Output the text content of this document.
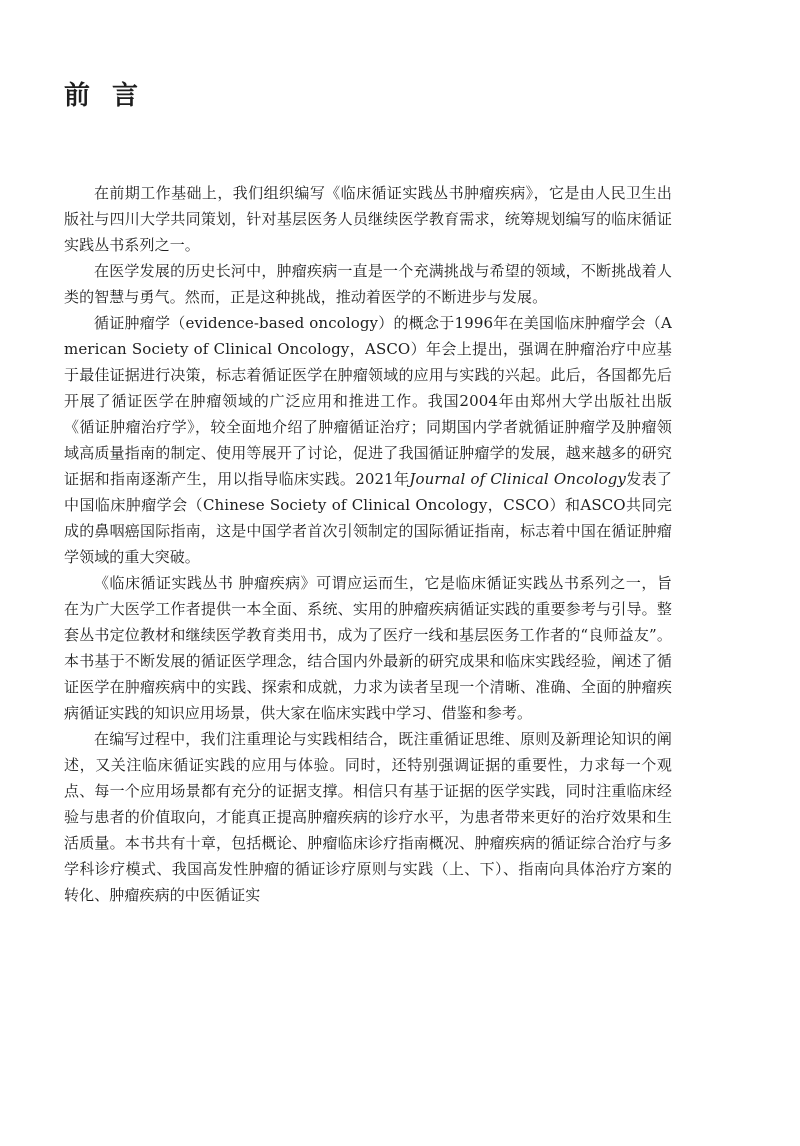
前言

在前期工作基础上，我们组织编写《临床循证实践丛书肿瘤疾病》，它是由人民卫生出版社与四川大学共同策划，针对基层医务人员继续医学教育需求，统筹规划编写的临床循证实践丛书系列之一。

在医学发展的历史长河中，肿瘤疾病一直是一个充满挑战与希望的领域，不断挑战着人类的智慧与勇气。然而，正是这种挑战，推动着医学的不断进步与发展。

循证肿瘤学（evidence-based oncology）的概念于1996年在美国临床肿瘤学会（American Society of Clinical Oncology，ASCO）年会上提出，强调在肿瘤治疗中应基于最佳证据进行决策，标志着循证医学在肿瘤领域的应用与实践的兴起。此后，各国都先后开展了循证医学在肿瘤领域的广泛应用和推进工作。我国2004年由郑州大学出版社出版《循证肿瘤治疗学》，较全面地介绍了肿瘤循证治疗；同期国内学者就循证肿瘤学及肿瘤领域高质量指南的制定、使用等展开了讨论，促进了我国循证肿瘤学的发展，越来越多的研究证据和指南逐渐产生，用以指导临床实践。2021年Journal of Clinical Oncology发表了中国临床肿瘤学会（Chinese Society of Clinical Oncology，CSCO）和ASCO共同完成的鼻咽癌国际指南，这是中国学者首次引领制定的国际循证指南，标志着中国在循证肿瘤学领域的重大突破。

《临床循证实践丛书 肿瘤疾病》可谓应运而生，它是临床循证实践丛书系列之一，旨在为广大医学工作者提供一本全面、系统、实用的肿瘤疾病循证实践的重要参考与引导。整套丛书定位教材和继续医学教育类用书，成为了医疗一线和基层医务工作者的“良师益友”。本书基于不断发展的循证医学理念，结合国内外最新的研究成果和临床实践经验，阐述了循证医学在肿瘤疾病中的实践、探索和成就，力求为读者呈现一个清晰、准确、全面的肿瘤疾病循证实践的知识应用场景，供大家在临床实践中学习、借鉴和参考。

在编写过程中，我们注重理论与实践相结合，既注重循证思维、原则及新理论知识的阐述，又关注临床循证实践的应用与体验。同时，还特别强调证据的重要性，力求每一个观点、每一个应用场景都有充分的证据支撑。相信只有基于证据的医学实践，同时注重临床经验与患者的价值取向，才能真正提高肿瘤疾病的诊疗水平，为患者带来更好的治疗效果和生活质量。本书共有十章，包括概论、肿瘤临床诊疗指南概况、肿瘤疾病的循证综合治疗与多学科诊疗模式、我国高发性肿瘤的循证诊疗原则与实践（上、下）、指南向具体治疗方案的转化、肿瘤疾病的中医循证实
